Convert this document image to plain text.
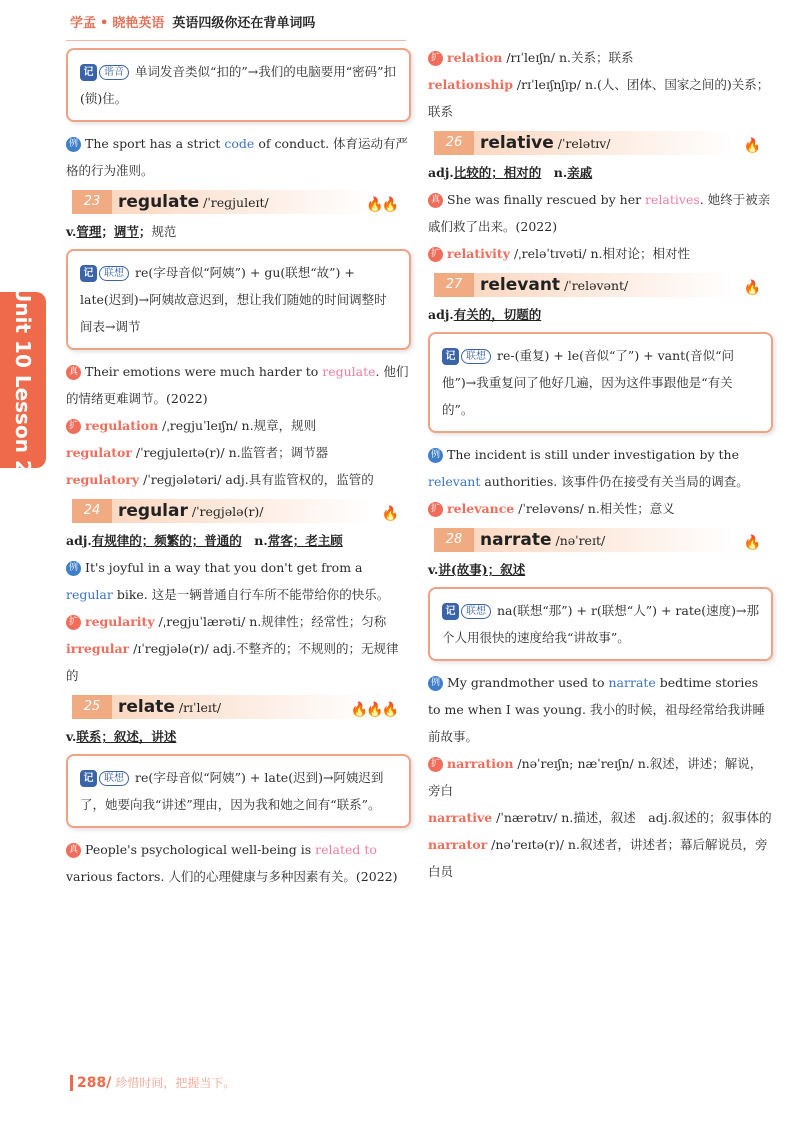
学孟 • 晓艳英语 英语四级你还在背单词吗
Unit 10 Lesson 2
记	谐音 单词发音类似“扣的”→我们的电脑要用“密码”扣(锁)住。

例 The sport has a strict code of conduct. 体育运动有严格的行为准则。

23	regulate /ˈreɡjuleɪt/	🔥🔥

v.管理；调节；规范

记	联想 re(字母音似“阿姨”) + gu(联想“故”) + late(迟到)→阿姨故意迟到，想让我们随她的时间调整时间表→调节

真 Their emotions were much harder to regulate. 他们的情绪更难调节。(2022)

扩 regulation /ˌreɡjuˈleɪʃn/ n.规章，规则

regulator /ˈreɡjuleɪtə(r)/ n.监管者；调节器

regulatory /ˈreɡjələtəri/ adj.具有监管权的，监管的

24	regular /ˈreɡjələ(r)/	🔥

adj.有规律的；频繁的；普通的　 n.常客；老主顾

例 It's joyful in a way that you don't get from a regular bike. 这是一辆普通自行车所不能带给你的快乐。

扩 regularity /ˌreɡjuˈlærəti/ n.规律性；经常性；匀称

irregular /ɪˈreɡjələ(r)/ adj.不整齐的；不规则的；无规律的

25	relate /rɪˈleɪt/	🔥🔥🔥

v.联系；叙述，讲述

记	联想 re(字母音似“阿姨”) + late(迟到)→阿姨迟到了，她要向我“讲述”理由，因为我和她之间有“联系”。

真 People's psychological well-being is related to various factors. 人们的心理健康与多种因素有关。(2022)

扩 relation /rɪˈleɪʃn/ n.关系；联系

relationship /rɪˈleɪʃnʃɪp/ n.(人、团体、国家之间的)关系；联系

26	relative /ˈrelətɪv/	🔥

adj.比较的；相对的　 n.亲戚

真 She was finally rescued by her relatives. 她终于被亲戚们救了出来。(2022)

扩 relativity /ˌreləˈtɪvəti/ n.相对论；相对性

27	relevant /ˈreləvənt/	🔥

adj.有关的，切题的

记	联想 re-(重复) + le(音似“了”) + vant(音似“问他”)→我重复问了他好几遍，因为这件事跟他是“有关的”。

例 The incident is still under investigation by the relevant authorities. 该事件仍在接受有关当局的调查。

扩 relevance /ˈreləvəns/ n.相关性；意义

28	narrate /nəˈreɪt/	🔥

v.讲(故事)；叙述

记	联想 na(联想“那”) + r(联想“人”) + rate(速度)→那个人用很快的速度给我“讲故事”。

例 My grandmother used to narrate bedtime stories to me when I was young. 我小的时候，祖母经常给我讲睡前故事。

扩 narration /nəˈreɪʃn; næˈreɪʃn/ n.叙述，讲述；解说，旁白

narrative /ˈnærətɪv/ n.描述，叙述　adj.叙述的；叙事体的

narrator /nəˈreɪtə(r)/ n.叙述者，讲述者；幕后解说员，旁白员

288/ 珍惜时间，把握当下。
